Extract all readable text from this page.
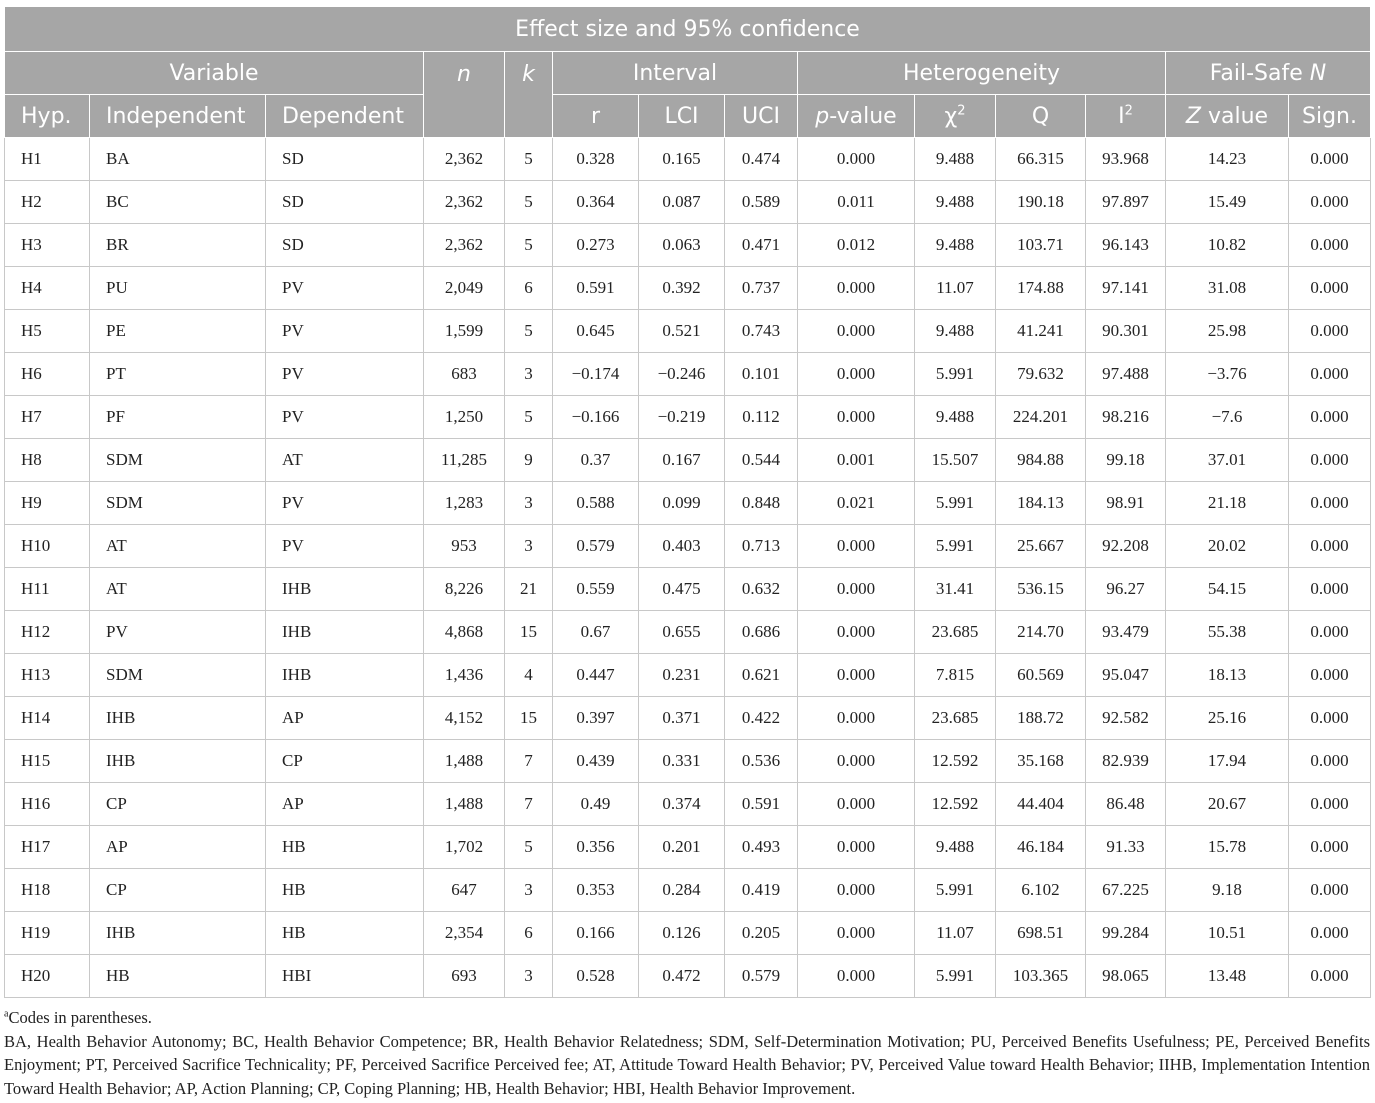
Effect size and 95% confidence													
Variable			n	k	Interval			Heterogeneity				Fail-Safe N	
Hyp.	Independent	Dependent			r	LCI	UCI	p-value	$\chi^2$	Q	$I^2$	Z value	Sign.
H1	BA	SD	2,362	5	0.328	0.165	0.474	0.000	9.488	66.315	93.968	14.23	0.000
H2	BC	SD	2,362	5	0.364	0.087	0.589	0.011	9.488	190.18	97.897	15.49	0.000
H3	BR	SD	2,362	5	0.273	0.063	0.471	0.012	9.488	103.71	96.143	10.82	0.000
H4	PU	PV	2,049	6	0.591	0.392	0.737	0.000	11.07	174.88	97.141	31.08	0.000
H5	PE	PV	1,599	5	0.645	0.521	0.743	0.000	9.488	41.241	90.301	25.98	0.000
H6	PT	PV	683	3	−0.174	−0.246	0.101	0.000	5.991	79.632	97.488	−3.76	0.000
H7	PF	PV	1,250	5	−0.166	−0.219	0.112	0.000	9.488	224.201	98.216	−7.6	0.000
H8	SDM	AT	11,285	9	0.37	0.167	0.544	0.001	15.507	984.88	99.18	37.01	0.000
H9	SDM	PV	1,283	3	0.588	0.099	0.848	0.021	5.991	184.13	98.91	21.18	0.000
H10	AT	PV	953	3	0.579	0.403	0.713	0.000	5.991	25.667	92.208	20.02	0.000
H11	AT	IHB	8,226	21	0.559	0.475	0.632	0.000	31.41	536.15	96.27	54.15	0.000
H12	PV	IHB	4,868	15	0.67	0.655	0.686	0.000	23.685	214.70	93.479	55.38	0.000
H13	SDM	IHB	1,436	4	0.447	0.231	0.621	0.000	7.815	60.569	95.047	18.13	0.000
H14	IHB	AP	4,152	15	0.397	0.371	0.422	0.000	23.685	188.72	92.582	25.16	0.000
H15	IHB	CP	1,488	7	0.439	0.331	0.536	0.000	12.592	35.168	82.939	17.94	0.000
H16	CP	AP	1,488	7	0.49	0.374	0.591	0.000	12.592	44.404	86.48	20.67	0.000
H17	AP	HB	1,702	5	0.356	0.201	0.493	0.000	9.488	46.184	91.33	15.78	0.000
H18	CP	HB	647	3	0.353	0.284	0.419	0.000	5.991	6.102	67.225	9.18	0.000
H19	IHB	HB	2,354	6	0.166	0.126	0.205	0.000	11.07	698.51	99.284	10.51	0.000
H20	HB	HBI	693	3	0.528	0.472	0.579	0.000	5.991	103.365	98.065	13.48	0.000
$^a$Codes in parentheses.
BA, Health Behavior Autonomy; BC, Health Behavior Competence; BR, Health Behavior Relatedness; SDM, Self-Determination Motivation; PU, Perceived Benefits Usefulness; PE, Perceived Benefits Enjoyment; PT, Perceived Sacrifice Technicality; PF, Perceived Sacrifice Perceived fee; AT, Attitude Toward Health Behavior; PV, Perceived Value toward Health Behavior; IIHB, Implementation Intention Toward Health Behavior; AP, Action Planning; CP, Coping Planning; HB, Health Behavior; HBI, Health Behavior Improvement.
